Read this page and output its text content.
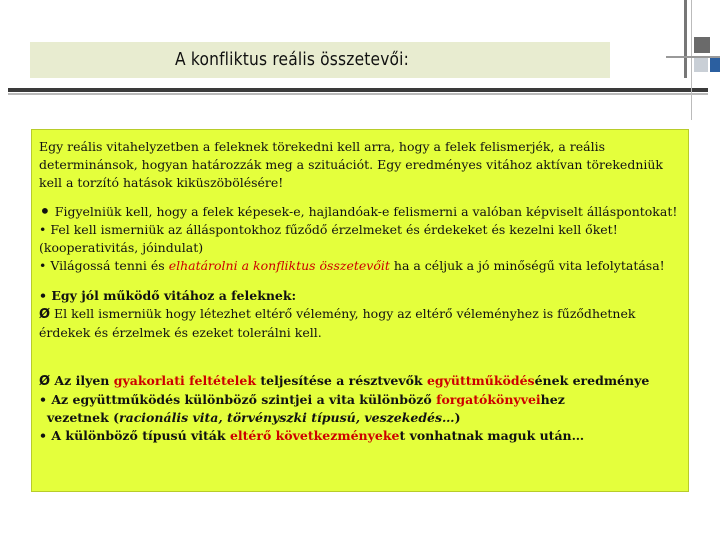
A konfliktus reális összetevői:

Egy reális vitahelyzetben a feleknek törekedni kell arra, hogy a felek felismerjék, a reális determinánsok, hogyan határozzák meg a szituációt. Egy eredményes vitához aktívan törekedniük kell a torzító hatások kiküszöbölésére!

• Figyelniük kell, hogy a felek képesek-e, hajlandóak-e felismerni a valóban képviselt álláspontokat!

• Fel kell ismerniük az álláspontokhoz fűződő érzelmeket és érdekeket és kezelni kell őket! (kooperativitás, jóindulat)

• Világossá tenni és elhatárolni a konfliktus összetevőit ha a céljuk a jó minőségű vita lefolytatása!

• Egy jól működő vitához a feleknek:

Ø El kell ismerniük hogy létezhet eltérő vélemény, hogy az eltérő véleményhez is fűződhetnek érdekek és érzelmek és ezeket tolerálni kell.

Ø Az ilyen gyakorlati feltételek teljesítése a résztvevők együttműködésének eredménye

• Az együttműködés különböző szintjei a vita különböző forgatókönyveihez

vezetnek (racionális vita, törvényszki típusú, veszekedés…)

• A különböző típusú viták eltérő következményeket vonhatnak maguk után…
